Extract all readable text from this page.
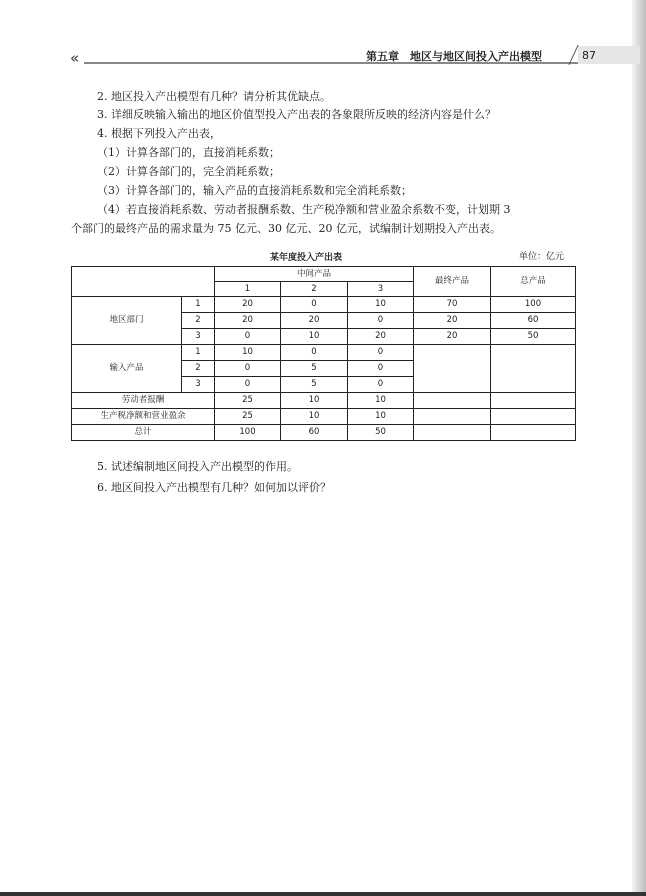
«	第五章　地区与地区间投入产出模型	87
2. 地区投入产出模型有几种？请分析其优缺点。
3. 详细反映输入输出的地区价值型投入产出表的各象限所反映的经济内容是什么？
4. 根据下列投入产出表，
（1）计算各部门的，直接消耗系数；
（2）计算各部门的，完全消耗系数；
（3）计算各部门的，输入产品的直接消耗系数和完全消耗系数；
（4）若直接消耗系数、劳动者报酬系数、生产税净额和营业盈余系数不变，计划期 3
个部门的最终产品的需求量为 75 亿元、30 亿元、20 亿元，试编制计划期投入产出表。
某年度投入产出表	单位：亿元
		中间产品			最终产品	总产品
		1	2	3		
地区部门	1	20	0	10	70	100
	2	20	20	0	20	60
	3	0	10	20	20	50
输入产品	1	10	0	0		
	2	0	5	0		
	3	0	5	0		
劳动者报酬		25	10	10		
生产税净额和营业盈余		25	10	10		
总计		100	60	50		
5. 试述编制地区间投入产出模型的作用。
6. 地区间投入产出模型有几种？如何加以评价？
